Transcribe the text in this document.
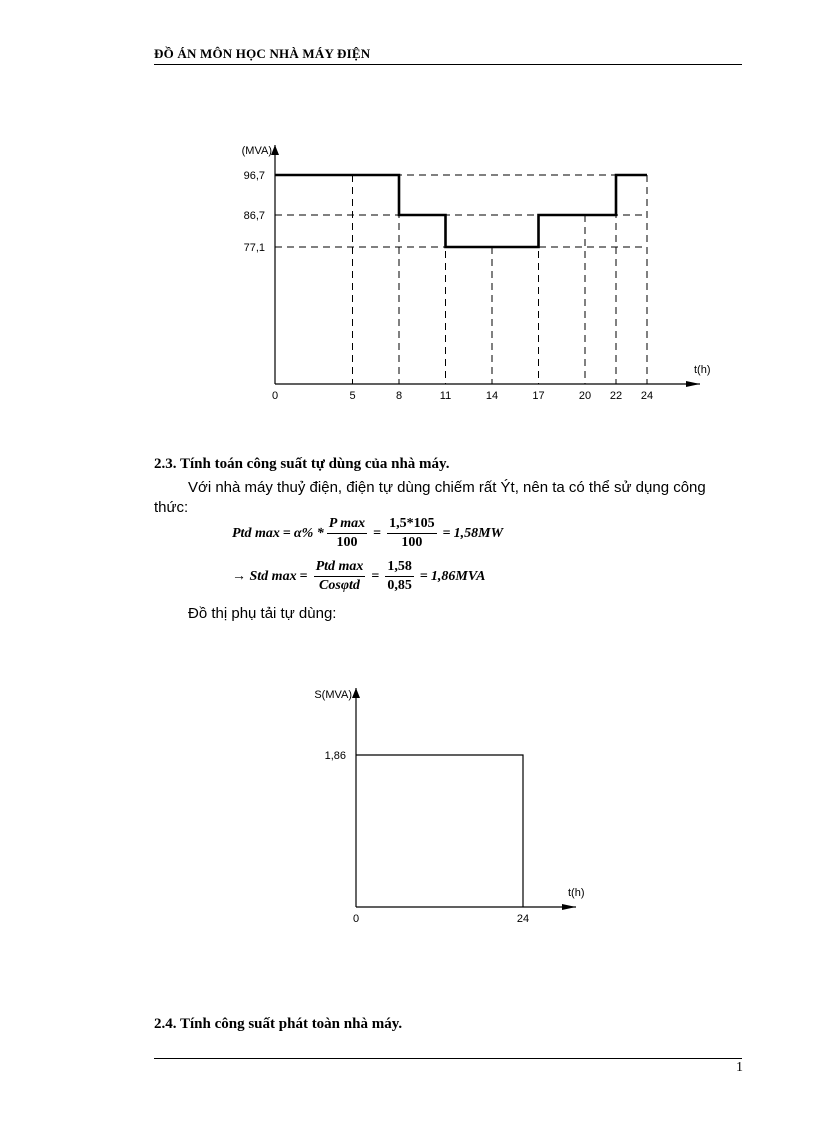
ĐỒ ÁN MÔN HỌC NHÀ MÁY ĐIỆN
(MVA)
t(h)
0	5	8	11	14	17	20 22 24
96,7
86,7
77,1
2.3. Tính toán công suất tự dùng của nhà máy.
Với nhà máy thuỷ điện, điện tự dùng chiếm rất Ýt, nên ta có thể sử dụng công thức:
Ptd $\max = \alpha\% * \frac{\text{P max}}{100} = \frac{1,5*105}{100} = 1,58MW$
→ Std $\max = \frac{\text{Ptd max}}{\text{Cosφtd}} = \frac{1,58}{0,85} = 1,86MVA$
Đồ thị phụ tải tự dùng:
S(MVA)
t(h)
0	24
1,86
2.4. Tính công suất phát toàn nhà máy.
1
